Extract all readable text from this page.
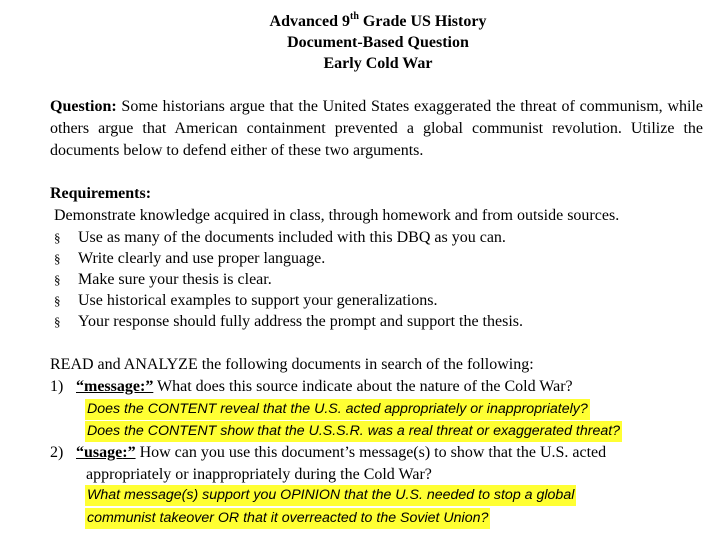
Advanced 9th Grade US History
Document-Based Question
Early Cold War
Question: Some historians argue that the United States exaggerated the threat of communism, while others argue that American containment prevented a global communist revolution. Utilize the documents below to defend either of these two arguments.
Requirements:
Demonstrate knowledge acquired in class, through homework and from outside sources.
§	Use as many of the documents included with this DBQ as you can.
§	Write clearly and use proper language.
§	Make sure your thesis is clear.
§	Use historical examples to support your generalizations.
§	Your response should fully address the prompt and support the thesis.
READ and ANALYZE the following documents in search of the following:
1) “message:” What does this source indicate about the nature of the Cold War?
Does the CONTENT reveal that the U.S. acted appropriately or inappropriately?
Does the CONTENT show that the U.S.S.R. was a real threat or exaggerated threat?
2) “usage:” How can you use this document’s message(s) to show that the U.S. acted
appropriately or inappropriately during the Cold War?
What message(s) support you OPINION that the U.S. needed to stop a global
communist takeover OR that it overreacted to the Soviet Union?
